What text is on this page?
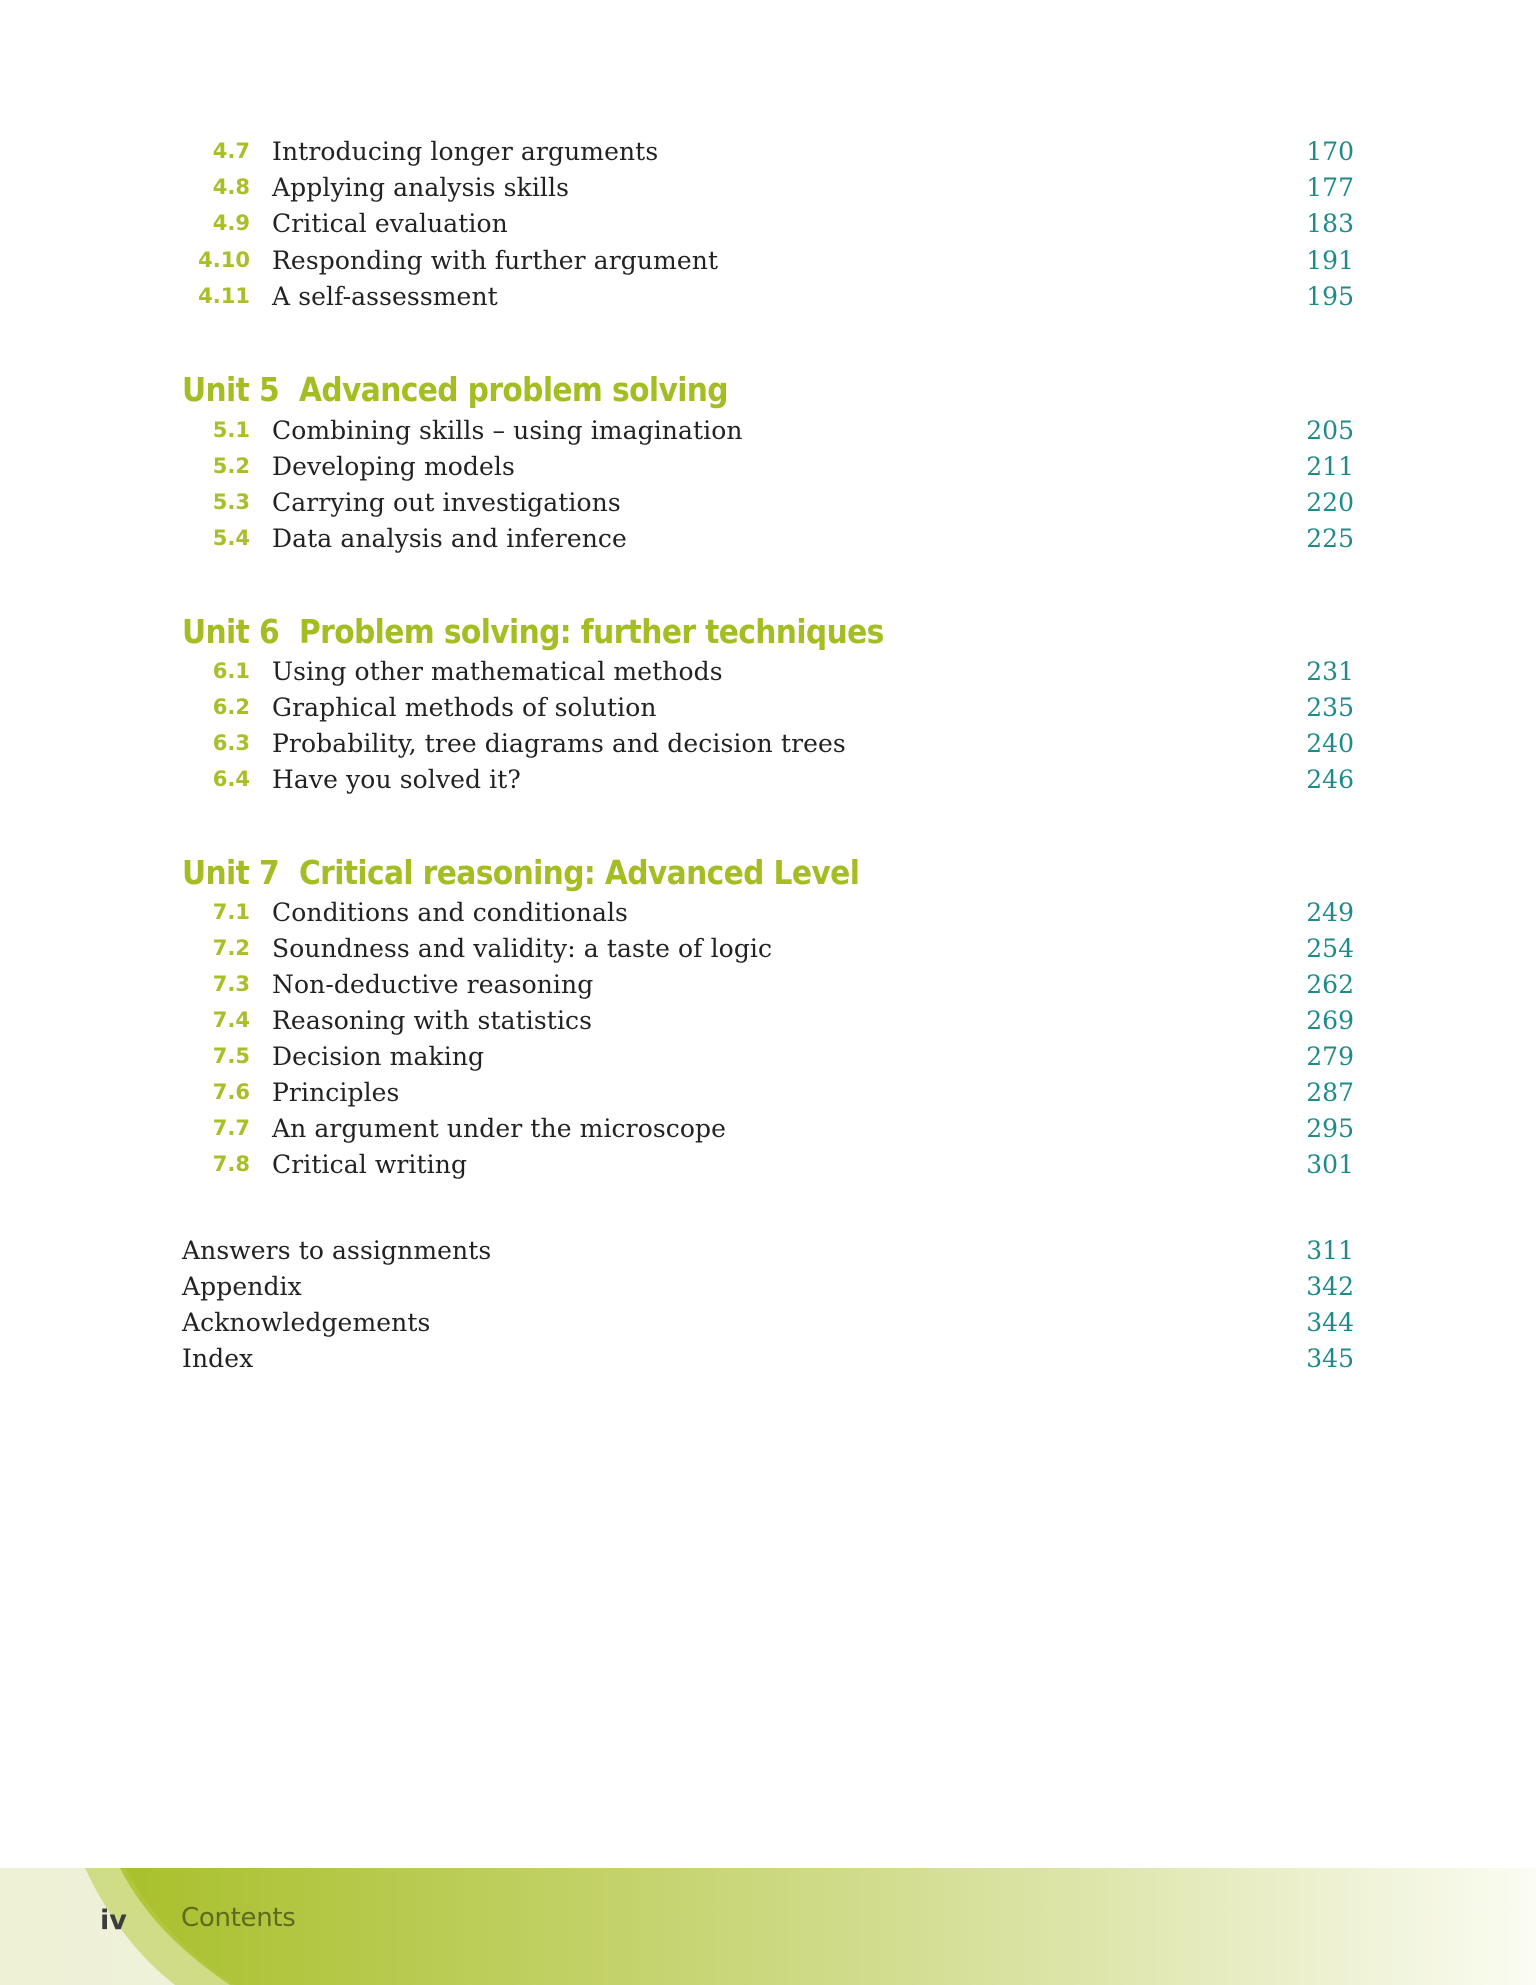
4.7 Introducing longer arguments	170
4.8 Applying analysis skills	177
4.9 Critical evaluation	183
4.10 Responding with further argument	191
4.11 A self-assessment	195
Unit 5 Advanced problem solving
5.1 Combining skills – using imagination	205
5.2 Developing models	211
5.3 Carrying out investigations	220
5.4 Data analysis and inference	225
Unit 6 Problem solving: further techniques
6.1 Using other mathematical methods	231
6.2 Graphical methods of solution	235
6.3 Probability, tree diagrams and decision trees	240
6.4 Have you solved it?	246
Unit 7 Critical reasoning: Advanced Level
7.1 Conditions and conditionals	249
7.2 Soundness and validity: a taste of logic	254
7.3 Non-deductive reasoning	262
7.4 Reasoning with statistics	269
7.5 Decision making	279
7.6 Principles	287
7.7 An argument under the microscope	295
7.8 Critical writing	301
Answers to assignments	311
Appendix	342
Acknowledgements	344
Index	345
iv Contents
